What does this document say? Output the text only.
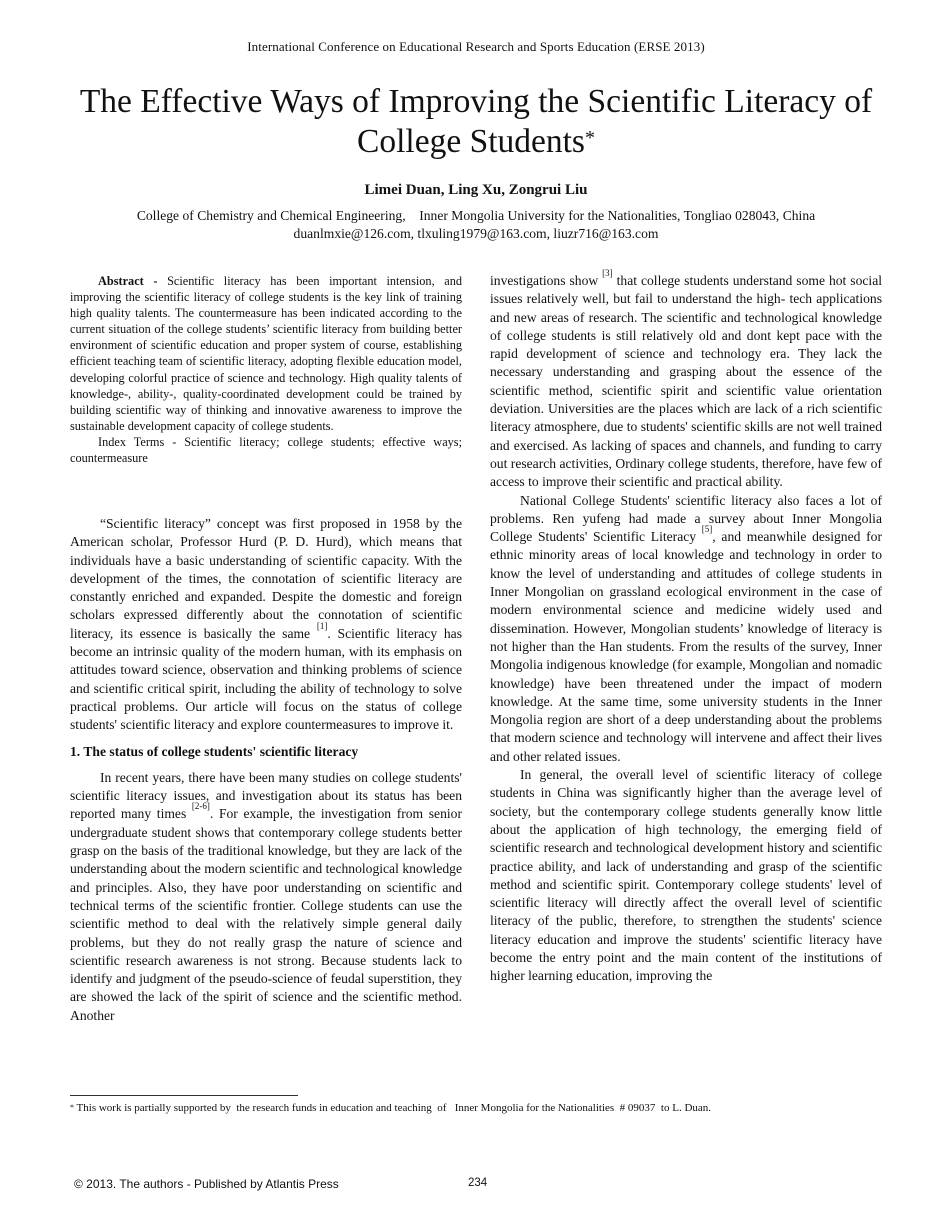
International Conference on Educational Research and Sports Education (ERSE 2013)
The Effective Ways of Improving the Scientific Literacy of College Students*
Limei Duan, Ling Xu, Zongrui Liu
College of Chemistry and Chemical Engineering,    Inner Mongolia University for the Nationalities, Tongliao 028043, China
duanlmxie@126.com, tlxuling1979@163.com, liuzr716@163.com

Abstract - Scientific literacy has been important intension, and improving the scientific literacy of college students is the key link of training high quality talents. The countermeasure has been indicated according to the current situation of the college students’ scientific literacy from building better environment of scientific education and proper system of course, establishing efficient teaching team of scientific literacy, adopting flexible education model, developing colorful practice of science and technology. High quality talents of knowledge-, ability-, quality-coordinated development could be trained by building scientific way of thinking and innovative awareness to improve the sustainable development capacity of college students.

Index Terms - Scientific literacy; college students; effective ways; countermeasure

“Scientific literacy” concept was first proposed in 1958 by the American scholar, Professor Hurd (P. D. Hurd), which means that individuals have a basic understanding of scientific capacity. With the development of the times, the connotation of scientific literacy are constantly enriched and expanded. Despite the domestic and foreign scholars expressed differently about the connotation of scientific literacy, its essence is basically the same [1]. Scientific literacy has become an intrinsic quality of the modern human, with its emphasis on attitudes toward science, observation and thinking problems of science and scientific critical spirit, including the ability of technology to solve practical problems. Our article will focus on the status of college students' scientific literacy and explore countermeasures to improve it.

1. The status of college students' scientific literacy

In recent years, there have been many studies on college students' scientific literacy issues, and investigation about its status has been reported many times [2-6]. For example, the investigation from senior undergraduate student shows that contemporary college students better grasp on the basis of the traditional knowledge, but they are lack of the understanding about the modern scientific and technological knowledge and principles. Also, they have poor understanding on scientific and technical terms of the scientific frontier. College students can use the scientific method to deal with the relatively simple general daily problems, but they do not really grasp the nature of science and scientific research awareness is not strong. Because students lack to identify and judgment of the pseudo-science of feudal superstition, they are showed the lack of the spirit of science and the scientific method. Another

investigations show [3] that college students understand some hot social issues relatively well, but fail to understand the high- tech applications and new areas of research. The scientific and technological knowledge of college students is still relatively old and dont kept pace with the rapid development of science and technology era. They lack the necessary understanding and grasping about the essence of the scientific method, scientific spirit and scientific value orientation deviation. Universities are the places which are lack of a rich scientific literacy atmosphere, due to students' scientific skills are not well trained and exercised. As lacking of spaces and channels, and funding to carry out research activities, Ordinary college students, therefore, have few of access to improve their scientific and practical ability.

National College Students' scientific literacy also faces a lot of problems. Ren yufeng had made a survey about Inner Mongolia College Students' Scientific Literacy [5], and meanwhile designed for ethnic minority areas of local knowledge and technology in order to know the level of understanding and attitudes of college students in Inner Mongolian on grassland ecological environment in the case of modern environmental science and medicine widely used and dissemination. However, Mongolian students’ knowledge of literacy is not higher than the Han students. From the results of the survey, Inner Mongolia indigenous knowledge (for example, Mongolian and nomadic knowledge) have been threatened under the impact of modern knowledge. At the same time, some university students in the Inner Mongolia region are short of a deep understanding about the problems that modern science and technology will intervene and affect their lives and other related issues.

In general, the overall level of scientific literacy of college students in China was significantly higher than the average level of society, but the contemporary college students generally know little about the application of high technology, the emerging field of scientific research and technological development history and scientific practice ability, and lack of understanding and grasp of the scientific method and scientific spirit. Contemporary college students' level of scientific literacy will directly affect the overall level of scientific literacy of the public, therefore, to strengthen the students' science literacy education and improve the students' scientific literacy have become the entry point and the main content of the institutions of higher learning education, improving the

* This work is partially supported by  the research funds in education and teaching  of   Inner Mongolia for the Nationalities  # 09037  to L. Duan.
© 2013. The authors - Published by Atlantis Press	234
